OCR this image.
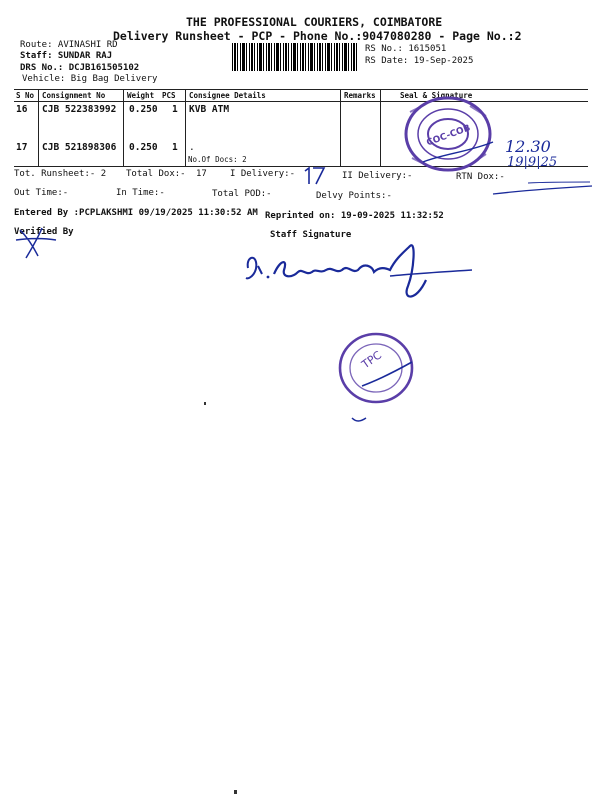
THE PROFESSIONAL COURIERS, COIMBATORE
Delivery Runsheet - PCP - Phone No.:9047080280 - Page No.:2
Route: AVINASHI RD
Staff: SUNDAR RAJ
DRS No.: DCJB161505102
Vehicle: Big Bag Delivery
RS No.: 1615051
RS Date: 19-Sep-2025
S No Consignment No	Weight PCS Consignee Details	Remarks	Seal & Signature
16 CJB 522383992 0.250 1 KVB ATM
17 CJB 521898306 0.250 1 .
No.Of Docs: 2
Tot. Runsheet:- 2 Total Dox:- 17	I Delivery:-	II Delivery:-	RTN Dox:-
Out Time:-	In Time:-	Total POD:-	Delvy Points:-
Entered By :PCPLAKSHMI 09/19/2025 11:30:52 AM Reprinted on: 19-09-2025 11:32:52
Verified By	Staff Signature
12.30
19|9|25
COC-COB
TPC
